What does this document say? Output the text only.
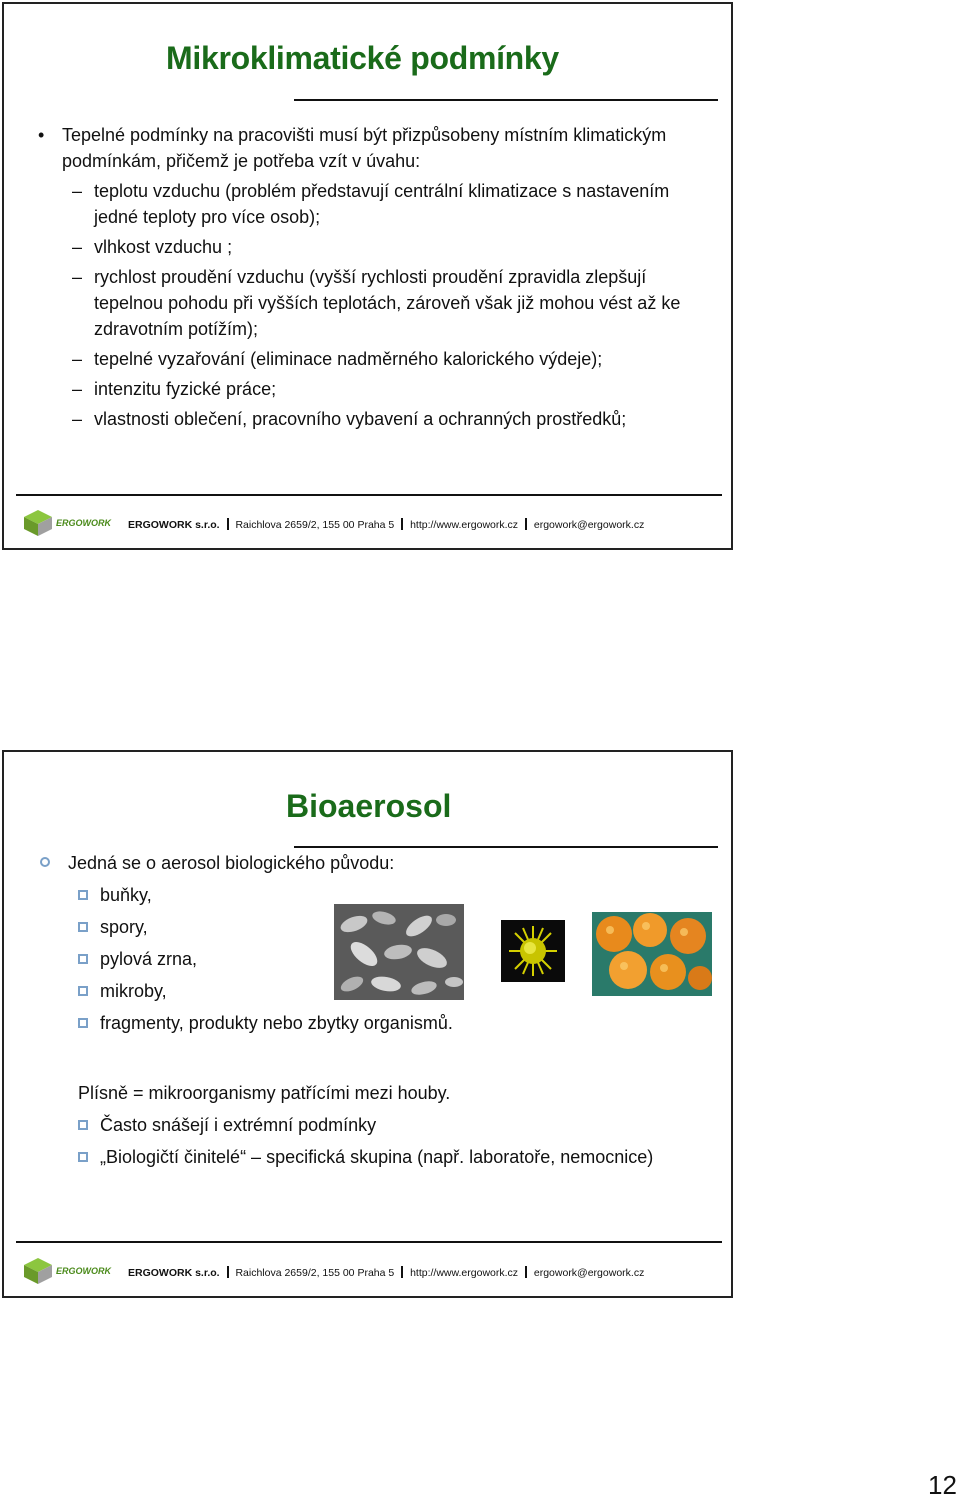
Mikroklimatické podmínky
• Tepelné podmínky na pracovišti musí být přizpůsobeny místním klimatickým podmínkám, přičemž je potřeba vzít v úvahu:
– teplotu vzduchu (problém představují centrální klimatizace s nastavením jedné teploty pro více osob);
– vlhkost vzduchu ;
– rychlost proudění vzduchu (vyšší rychlosti proudění zpravidla zlepšují tepelnou pohodu při vyšších teplotách, zároveň však již mohou vést až ke zdravotním potížím);
– tepelné vyzařování (eliminace nadměrného kalorického výdeje);
– intenzitu fyzické práce;
– vlastnosti oblečení, pracovního vybavení a ochranných prostředků;
ERGOWORK ERGOWORK s.r.o. Raichlova 2659/2, 155 00 Praha 5 http://www.ergowork.cz ergowork@ergowork.cz
Bioaerosol
Jedná se o aerosol biologického původu:
buňky,
spory,
pylová zrna,
mikroby,
fragmenty, produkty nebo zbytky organismů.
Plísně = mikroorganismy patřícími mezi houby.
Často snášejí i extrémní podmínky
„Biologičtí činitelé“ – specifická skupina (např. laboratoře, nemocnice)
ERGOWORK ERGOWORK s.r.o. Raichlova 2659/2, 155 00 Praha 5 http://www.ergowork.cz ergowork@ergowork.cz
12
